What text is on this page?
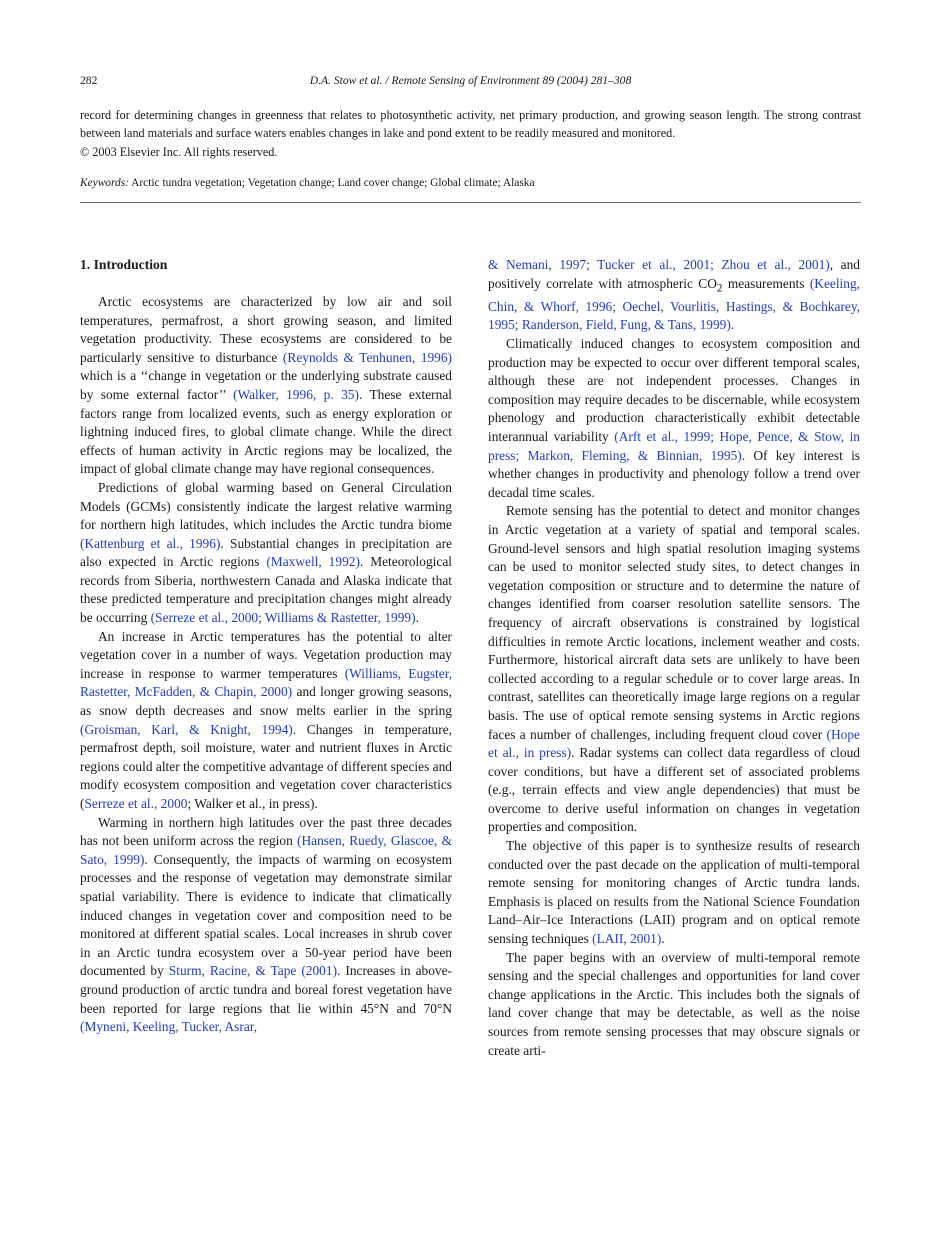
282	D.A. Stow et al. / Remote Sensing of Environment 89 (2004) 281–308

record for determining changes in greenness that relates to photosynthetic activity, net primary production, and growing season length. The strong contrast between land materials and surface waters enables changes in lake and pond extent to be readily measured and monitored.

© 2003 Elsevier Inc. All rights reserved.

Keywords: Arctic tundra vegetation; Vegetation change; Land cover change; Global climate; Alaska
1. Introduction

Arctic ecosystems are characterized by low air and soil temperatures, permafrost, a short growing season, and limited vegetation productivity. These ecosystems are considered to be particularly sensitive to disturbance (Reynolds & Tenhunen, 1996) which is a ‘‘change in vegetation or the underlying substrate caused by some external factor’’ (Walker, 1996, p. 35). These external factors range from localized events, such as energy exploration or lightning induced fires, to global climate change. While the direct effects of human activity in Arctic regions may be localized, the impact of global climate change may have regional consequences.

Predictions of global warming based on General Circulation Models (GCMs) consistently indicate the largest relative warming for northern high latitudes, which includes the Arctic tundra biome (Kattenburg et al., 1996). Substantial changes in precipitation are also expected in Arctic regions (Maxwell, 1992). Meteorological records from Siberia, northwestern Canada and Alaska indicate that these predicted temperature and precipitation changes might already be occurring (Serreze et al., 2000; Williams & Rastetter, 1999).

An increase in Arctic temperatures has the potential to alter vegetation cover in a number of ways. Vegetation production may increase in response to warmer temperatures (Williams, Eugster, Rastetter, McFadden, & Chapin, 2000) and longer growing seasons, as snow depth decreases and snow melts earlier in the spring (Groisman, Karl, & Knight, 1994). Changes in temperature, permafrost depth, soil moisture, water and nutrient fluxes in Arctic regions could alter the competitive advantage of different species and modify ecosystem composition and vegetation cover characteristics (Serreze et al., 2000; Walker et al., in press).

Warming in northern high latitudes over the past three decades has not been uniform across the region (Hansen, Ruedy, Glascoe, & Sato, 1999). Consequently, the impacts of warming on ecosystem processes and the response of vegetation may demonstrate similar spatial variability. There is evidence to indicate that climatically induced changes in vegetation cover and composition need to be monitored at different spatial scales. Local increases in shrub cover in an Arctic tundra ecosystem over a 50-year period have been documented by Sturm, Racine, & Tape (2001). Increases in above-ground production of arctic tundra and boreal forest vegetation have been reported for large regions that lie within 45°N and 70°N (Myneni, Keeling, Tucker, Asrar,

& Nemani, 1997; Tucker et al., 2001; Zhou et al., 2001), and positively correlate with atmospheric $CO_2$ measurements (Keeling, Chin, & Whorf, 1996; Oechel, Vourlitis, Hastings, & Bochkarey, 1995; Randerson, Field, Fung, & Tans, 1999).

Climatically induced changes to ecosystem composition and production may be expected to occur over different temporal scales, although these are not independent processes. Changes in composition may require decades to be discernable, while ecosystem phenology and production characteristically exhibit detectable interannual variability (Arft et al., 1999; Hope, Pence, & Stow, in press; Markon, Fleming, & Binnian, 1995). Of key interest is whether changes in productivity and phenology follow a trend over decadal time scales.

Remote sensing has the potential to detect and monitor changes in Arctic vegetation at a variety of spatial and temporal scales. Ground-level sensors and high spatial resolution imaging systems can be used to monitor selected study sites, to detect changes in vegetation composition or structure and to determine the nature of changes identified from coarser resolution satellite sensors. The frequency of aircraft observations is constrained by logistical difficulties in remote Arctic locations, inclement weather and costs. Furthermore, historical aircraft data sets are unlikely to have been collected according to a regular schedule or to cover large areas. In contrast, satellites can theoretically image large regions on a regular basis. The use of optical remote sensing systems in Arctic regions faces a number of challenges, including frequent cloud cover (Hope et al., in press). Radar systems can collect data regardless of cloud cover conditions, but have a different set of associated problems (e.g., terrain effects and view angle dependencies) that must be overcome to derive useful information on changes in vegetation properties and composition.

The objective of this paper is to synthesize results of research conducted over the past decade on the application of multi-temporal remote sensing for monitoring changes of Arctic tundra lands. Emphasis is placed on results from the National Science Foundation Land–Air–Ice Interactions (LAII) program and on optical remote sensing techniques (LAII, 2001).

The paper begins with an overview of multi-temporal remote sensing and the special challenges and opportunities for land cover change applications in the Arctic. This includes both the signals of land cover change that may be detectable, as well as the noise sources from remote sensing processes that may obscure signals or create arti-
